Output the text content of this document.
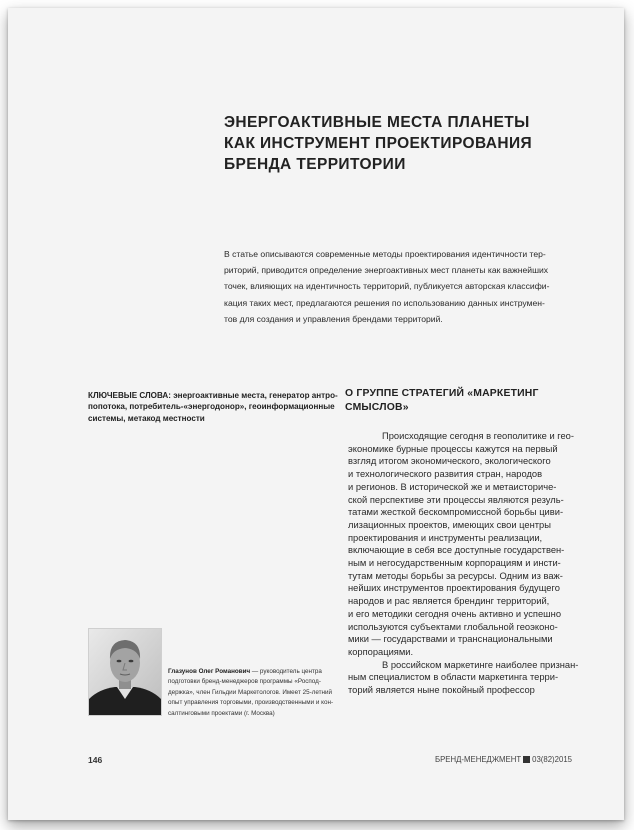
ЭНЕРГОАКТИВНЫЕ МЕСТА ПЛАНЕТЫ
КАК ИНСТРУМЕНТ ПРОЕКТИРОВАНИЯ
БРЕНДА ТЕРРИТОРИИ

В статье описываются современные методы проектирования идентичности тер-
риторий, приводится определение энергоактивных мест планеты как важнейших
точек, влияющих на идентичность территорий, публикуется авторская классифи-
кация таких мест, предлагаются решения по использованию данных инструмен-
тов для создания и управления брендами территорий.

КЛЮЧЕВЫЕ СЛОВА: энергоактивные места, генератор антро-
попотока, потребитель-«энергодонор», геоинформационные
системы, метакод местности

О ГРУППЕ СТРАТЕГИЙ «МАРКЕТИНГ
СМЫСЛОВ»

Происходящие сегодня в геополитике и гео-
экономике бурные процессы кажутся на первый
взгляд итогом экономического, экологического
и технологического развития стран, народов
и регионов. В исторической же и метаисториче-
ской перспективе эти процессы являются резуль-
татами жесткой бескомпромиссной борьбы циви-
лизационных проектов, имеющих свои центры
проектирования и инструменты реализации,
включающие в себя все доступные государствен-
ным и негосударственным корпорациям и инсти-
тутам методы борьбы за ресурсы. Одним из важ-
нейших инструментов проектирования будущего
народов и рас является брендинг территорий,
и его методики сегодня очень активно и успешно
используются субъектами глобальной геоэконо-
мики — государствами и транснациональными
корпорациями.
В российском маркетинге наиболее признан-
ным специалистом в области маркетинга терри-
торий является ныне покойный профессор

Глазунов Олег Романович — руководитель центра
подготовки бренд-менеджеров программы «Роспод-
держка», член Гильдии Маркетологов. Имеет 25-летний
опыт управления торговыми, производственными и кон-
салтинговыми проектами (г. Москва)

146	БРЕНД-МЕНЕДЖМЕНТ 03(82)2015
